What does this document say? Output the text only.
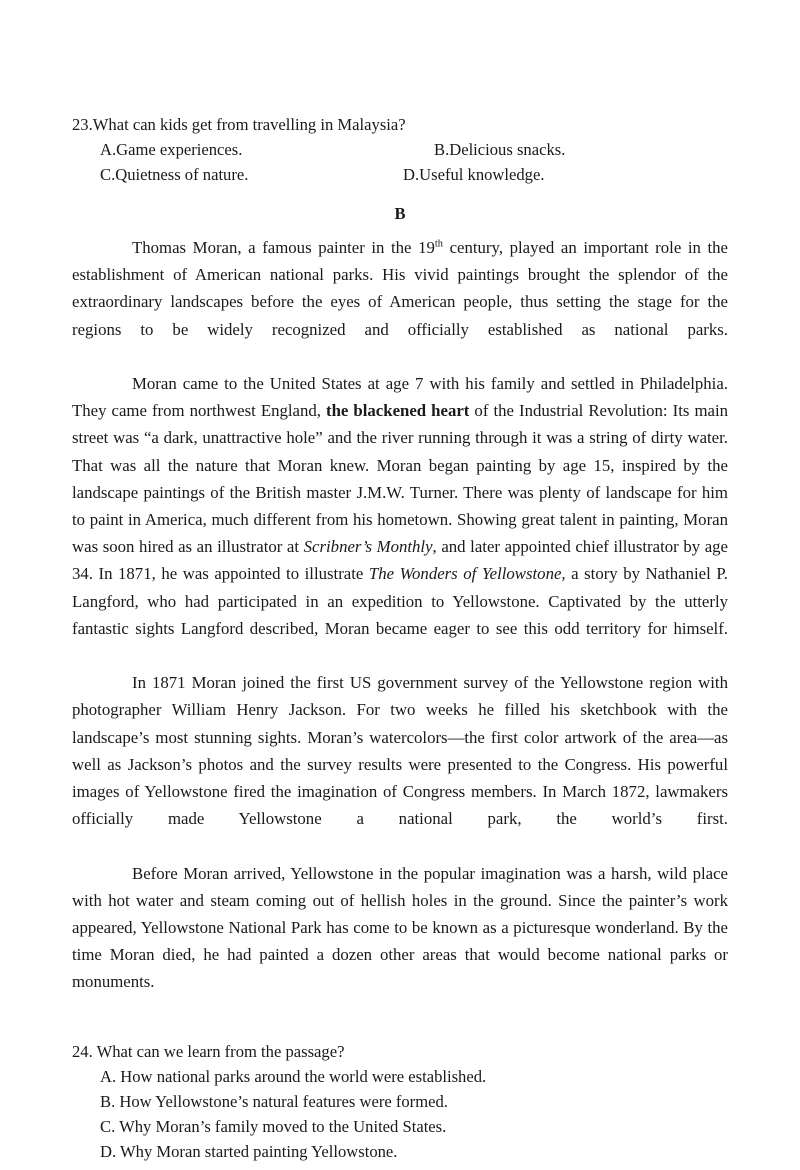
23.What can kids get from travelling in Malaysia?
A.Game experiences.	B.Delicious snacks.
C.Quietness of nature.	D.Useful knowledge.
B

Thomas Moran, a famous painter in the 19th century, played an important role in the establishment of American national parks. His vivid paintings brought the splendor of the extraordinary landscapes before the eyes of American people, thus setting the stage for the regions to be widely recognized and officially established as national parks.

Moran came to the United States at age 7 with his family and settled in Philadelphia. They came from northwest England, the blackened heart of the Industrial Revolution: Its main street was “a dark, unattractive hole” and the river running through it was a string of dirty water. That was all the nature that Moran knew. Moran began painting by age 15, inspired by the landscape paintings of the British master J.M.W. Turner. There was plenty of landscape for him to paint in America, much different from his hometown. Showing great talent in painting, Moran was soon hired as an illustrator at Scribner’s Monthly, and later appointed chief illustrator by age 34. In 1871, he was appointed to illustrate The Wonders of Yellowstone, a story by Nathaniel P. Langford, who had participated in an expedition to Yellowstone. Captivated by the utterly fantastic sights Langford described, Moran became eager to see this odd territory for himself.

In 1871 Moran joined the first US government survey of the Yellowstone region with photographer William Henry Jackson. For two weeks he filled his sketchbook with the landscape’s most stunning sights. Moran’s watercolors—the first color artwork of the area—as well as Jackson’s photos and the survey results were presented to the Congress. His powerful images of Yellowstone fired the imagination of Congress members. In March 1872, lawmakers officially made Yellowstone a national park, the world’s first.

Before Moran arrived, Yellowstone in the popular imagination was a harsh, wild place with hot water and steam coming out of hellish holes in the ground. Since the painter’s work appeared, Yellowstone National Park has come to be known as a picturesque wonderland. By the time Moran died, he had painted a dozen other areas that would become national parks or monuments.

24. What can we learn from the passage?
A. How national parks around the world were established.
B. How Yellowstone’s natural features were formed.
C. Why Moran’s family moved to the United States.
D. Why Moran started painting Yellowstone.
